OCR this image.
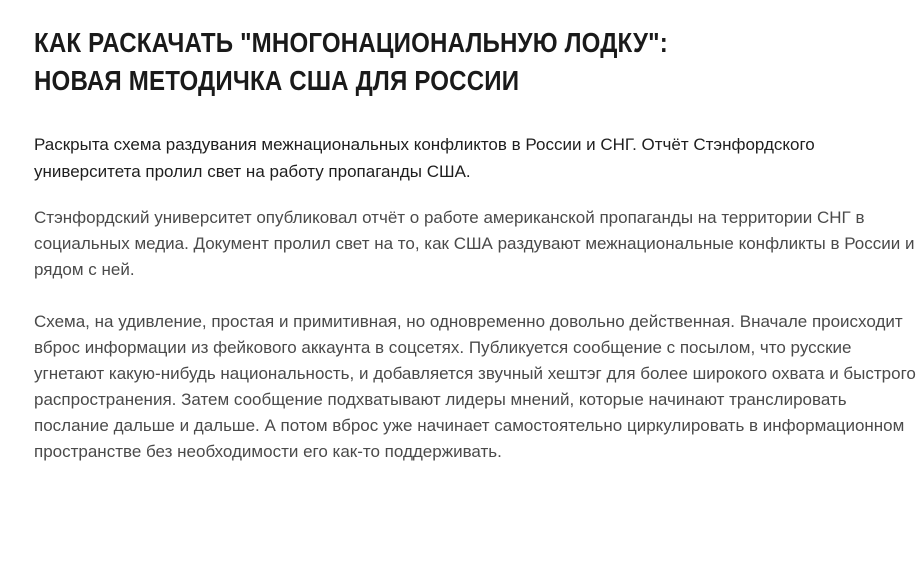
КАК РАСКАЧАТЬ "МНОГОНАЦИОНАЛЬНУЮ ЛОДКУ": НОВАЯ МЕТОДИЧКА США ДЛЯ РОССИИ

Раскрыта схема раздувания межнациональных конфликтов в России и СНГ. Отчёт Стэнфордского университета пролил свет на работу пропаганды США.

Стэнфордский университет опубликовал отчёт о работе американской пропаганды на территории СНГ в социальных медиа. Документ пролил свет на то, как США раздувают межнациональные конфликты в России и рядом с ней.

Схема, на удивление, простая и примитивная, но одновременно довольно действенная. Вначале происходит вброс информации из фейкового аккаунта в соцсетях. Публикуется сообщение с посылом, что русские угнетают какую-нибудь национальность, и добавляется звучный хештэг для более широкого охвата и быстрого распространения. Затем сообщение подхватывают лидеры мнений, которые начинают транслировать послание дальше и дальше. А потом вброс уже начинает самостоятельно циркулировать в информационном пространстве без необходимости его как-то поддерживать.
